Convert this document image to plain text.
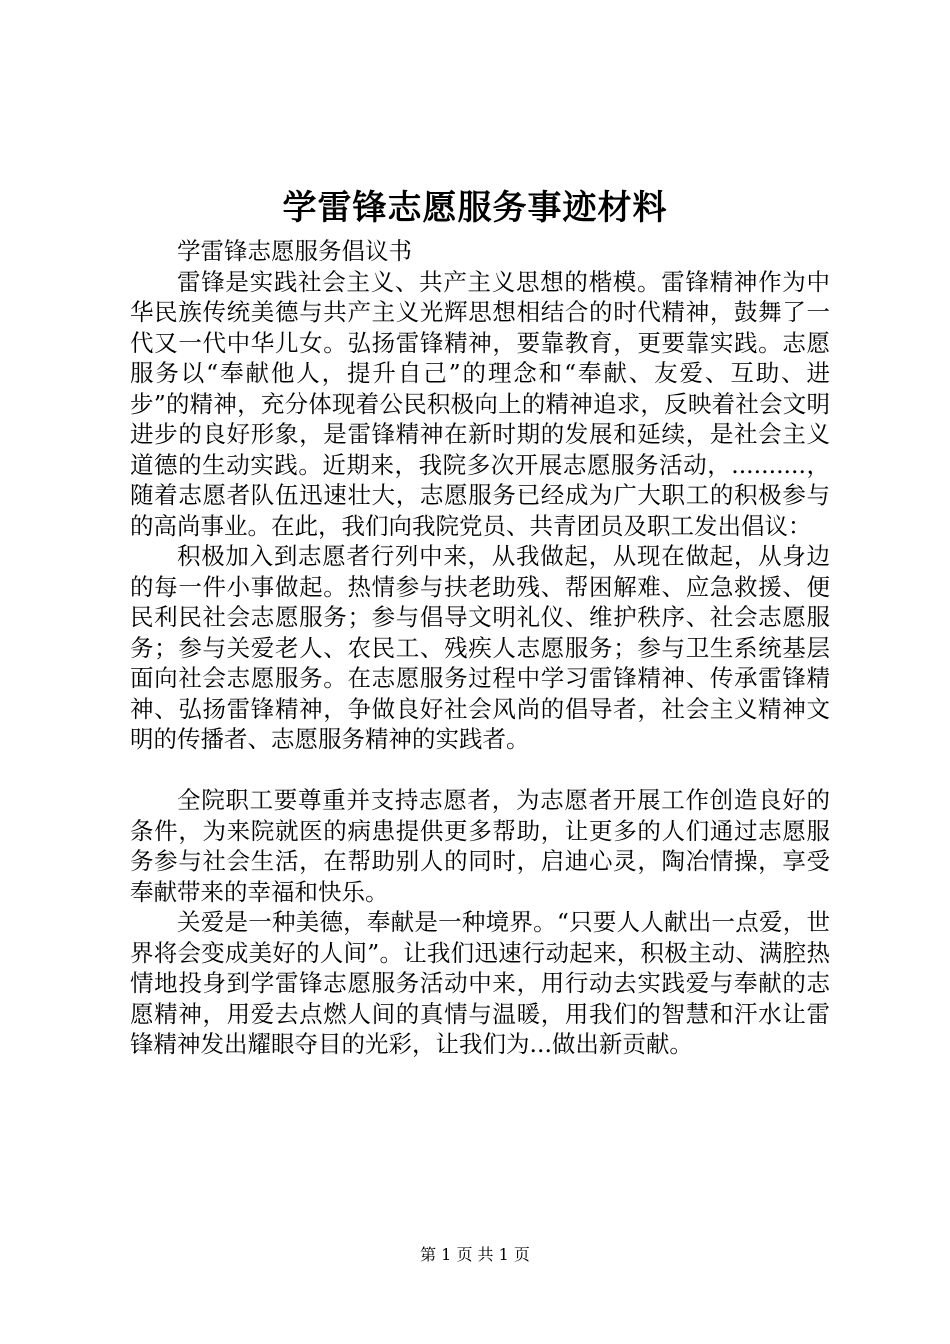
学雷锋志愿服务事迹材料

学雷锋志愿服务倡议书

雷锋是实践社会主义、共产主义思想的楷模。雷锋精神作为中华民族传统美德与共产主义光辉思想相结合的时代精神，鼓舞了一代又一代中华儿女。弘扬雷锋精神，要靠教育，更要靠实践。志愿服务以“奉献他人，提升自己”的理念和“奉献、友爱、互助、进步”的精神，充分体现着公民积极向上的精神追求，反映着社会文明进步的良好形象，是雷锋精神在新时期的发展和延续，是社会主义道德的生动实践。近期来，我院多次开展志愿服务活动，..........，随着志愿者队伍迅速壮大，志愿服务已经成为广大职工的积极参与的高尚事业。在此，我们向我院党员、共青团员及职工发出倡议：

积极加入到志愿者行列中来，从我做起，从现在做起，从身边的每一件小事做起。热情参与扶老助残、帮困解难、应急救援、便民利民社会志愿服务；参与倡导文明礼仪、维护秩序、社会志愿服务；参与关爱老人、农民工、残疾人志愿服务；参与卫生系统基层面向社会志愿服务。在志愿服务过程中学习雷锋精神、传承雷锋精神、弘扬雷锋精神，争做良好社会风尚的倡导者，社会主义精神文明的传播者、志愿服务精神的实践者。

全院职工要尊重并支持志愿者，为志愿者开展工作创造良好的条件，为来院就医的病患提供更多帮助，让更多的人们通过志愿服务参与社会生活，在帮助别人的同时，启迪心灵，陶冶情操，享受奉献带来的幸福和快乐。

关爱是一种美德，奉献是一种境界。“只要人人献出一点爱，世界将会变成美好的人间”。让我们迅速行动起来，积极主动、满腔热情地投身到学雷锋志愿服务活动中来，用行动去实践爱与奉献的志愿精神，用爱去点燃人间的真情与温暖，用我们的智慧和汗水让雷锋精神发出耀眼夺目的光彩，让我们为...做出新贡献。

第 1 页 共 1 页
